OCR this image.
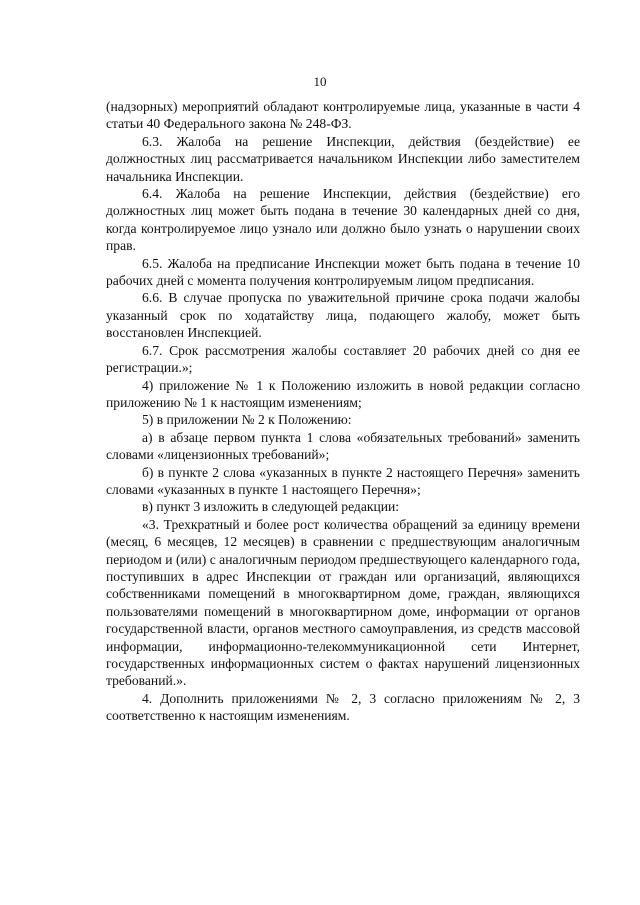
10

(надзорных) мероприятий обладают контролируемые лица, указанные в части 4 статьи 40 Федерального закона № 248-ФЗ.

6.3. Жалоба на решение Инспекции, действия (бездействие) ее должностных лиц рассматривается начальником Инспекции либо заместителем начальника Инспекции.

6.4. Жалоба на решение Инспекции, действия (бездействие) его должностных лиц может быть подана в течение 30 календарных дней со дня, когда контролируемое лицо узнало или должно было узнать о нарушении своих прав.

6.5. Жалоба на предписание Инспекции может быть подана в течение 10 рабочих дней с момента получения контролируемым лицом предписания.

6.6. В случае пропуска по уважительной причине срока подачи жалобы указанный срок по ходатайству лица, подающего жалобу, может быть восстановлен Инспекцией.

6.7. Срок рассмотрения жалобы составляет 20 рабочих дней со дня ее регистрации.»;

4) приложение № 1 к Положению изложить в новой редакции согласно приложению № 1 к настоящим изменениям;

5) в приложении № 2 к Положению:

а) в абзаце первом пункта 1 слова «обязательных требований» заменить словами «лицензионных требований»;

б) в пункте 2 слова «указанных в пункте 2 настоящего Перечня» заменить словами «указанных в пункте 1 настоящего Перечня»;

в) пункт 3 изложить в следующей редакции:

«3. Трехкратный и более рост количества обращений за единицу времени (месяц, 6 месяцев, 12 месяцев) в сравнении с предшествующим аналогичным периодом и (или) с аналогичным периодом предшествующего календарного года, поступивших в адрес Инспекции от граждан или организаций, являющихся собственниками помещений в многоквартирном доме, граждан, являющихся пользователями помещений в многоквартирном доме, информации от органов государственной власти, органов местного самоуправления, из средств массовой информации, информационно-телекоммуникационной сети Интернет, государственных информационных систем о фактах нарушений лицензионных требований.».

4. Дополнить приложениями № 2, 3 согласно приложениям № 2, 3 соответственно к настоящим изменениям.
